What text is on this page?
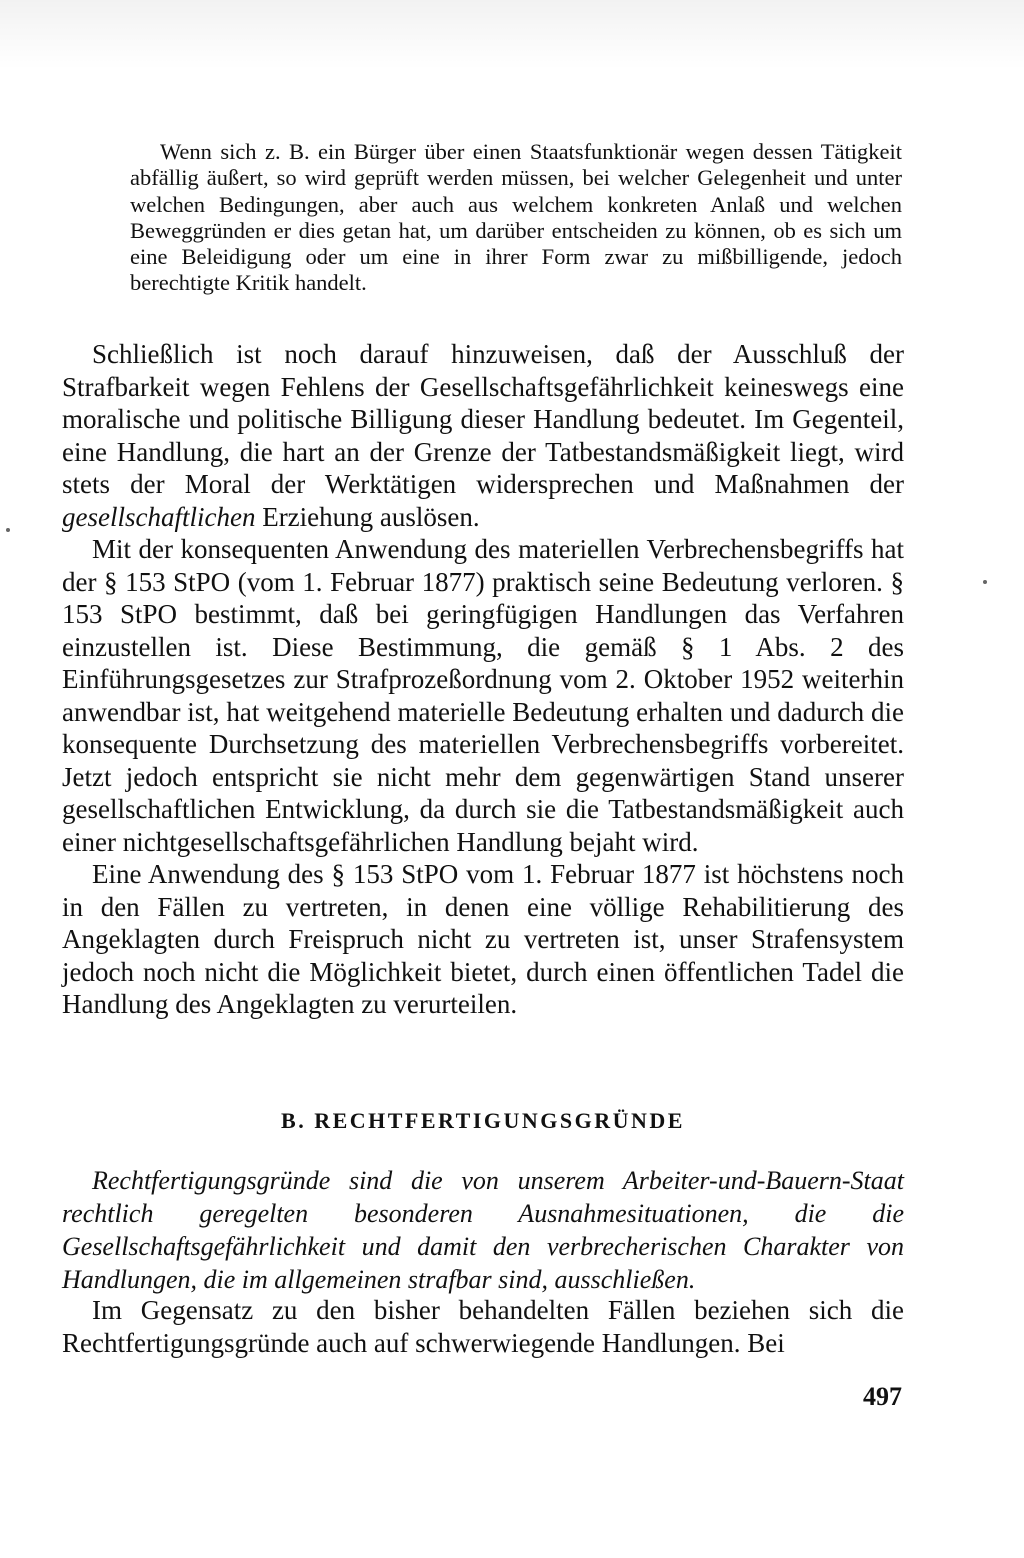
Wenn sich z. B. ein Bürger über einen Staatsfunktionär wegen dessen Tätigkeit abfällig äußert, so wird geprüft werden müssen, bei welcher Gelegenheit und unter welchen Bedingungen, aber auch aus welchem konkreten Anlaß und welchen Beweggründen er dies getan hat, um darüber entscheiden zu können, ob es sich um eine Beleidigung oder um eine in ihrer Form zwar zu mißbilligende, jedoch berechtigte Kritik handelt.

Schließlich ist noch darauf hinzuweisen, daß der Ausschluß der Strafbarkeit wegen Fehlens der Gesellschaftsgefährlichkeit keineswegs eine moralische und politische Billigung dieser Handlung bedeutet. Im Gegenteil, eine Handlung, die hart an der Grenze der Tatbestandsmäßigkeit liegt, wird stets der Moral der Werktätigen widersprechen und Maßnahmen der gesellschaftlichen Erziehung auslösen.

Mit der konsequenten Anwendung des materiellen Verbrechensbegriffs hat der § 153 StPO (vom 1. Februar 1877) praktisch seine Bedeutung verloren. § 153 StPO bestimmt, daß bei geringfügigen Handlungen das Verfahren einzustellen ist. Diese Bestimmung, die gemäß § 1 Abs. 2 des Einführungsgesetzes zur Strafprozeßordnung vom 2. Oktober 1952 weiterhin anwendbar ist, hat weitgehend materielle Bedeutung erhalten und dadurch die konsequente Durchsetzung des materiellen Verbrechensbegriffs vorbereitet. Jetzt jedoch entspricht sie nicht mehr dem gegenwärtigen Stand unserer gesellschaftlichen Entwicklung, da durch sie die Tatbestandsmäßigkeit auch einer nichtgesellschaftsgefährlichen Handlung bejaht wird.

Eine Anwendung des § 153 StPO vom 1. Februar 1877 ist höchstens noch in den Fällen zu vertreten, in denen eine völlige Rehabilitierung des Angeklagten durch Freispruch nicht zu vertreten ist, unser Strafensystem jedoch noch nicht die Möglichkeit bietet, durch einen öffentlichen Tadel die Handlung des Angeklagten zu verurteilen.

B. RECHTFERTIGUNGSGRÜNDE

Rechtfertigungsgründe sind die von unserem Arbeiter-und-Bauern-Staat rechtlich geregelten besonderen Ausnahmesituationen, die die Gesellschaftsgefährlichkeit und damit den verbrecherischen Charakter von Handlungen, die im allgemeinen strafbar sind, ausschließen.

Im Gegensatz zu den bisher behandelten Fällen beziehen sich die Rechtfertigungsgründe auch auf schwerwiegende Handlungen. Bei

497
